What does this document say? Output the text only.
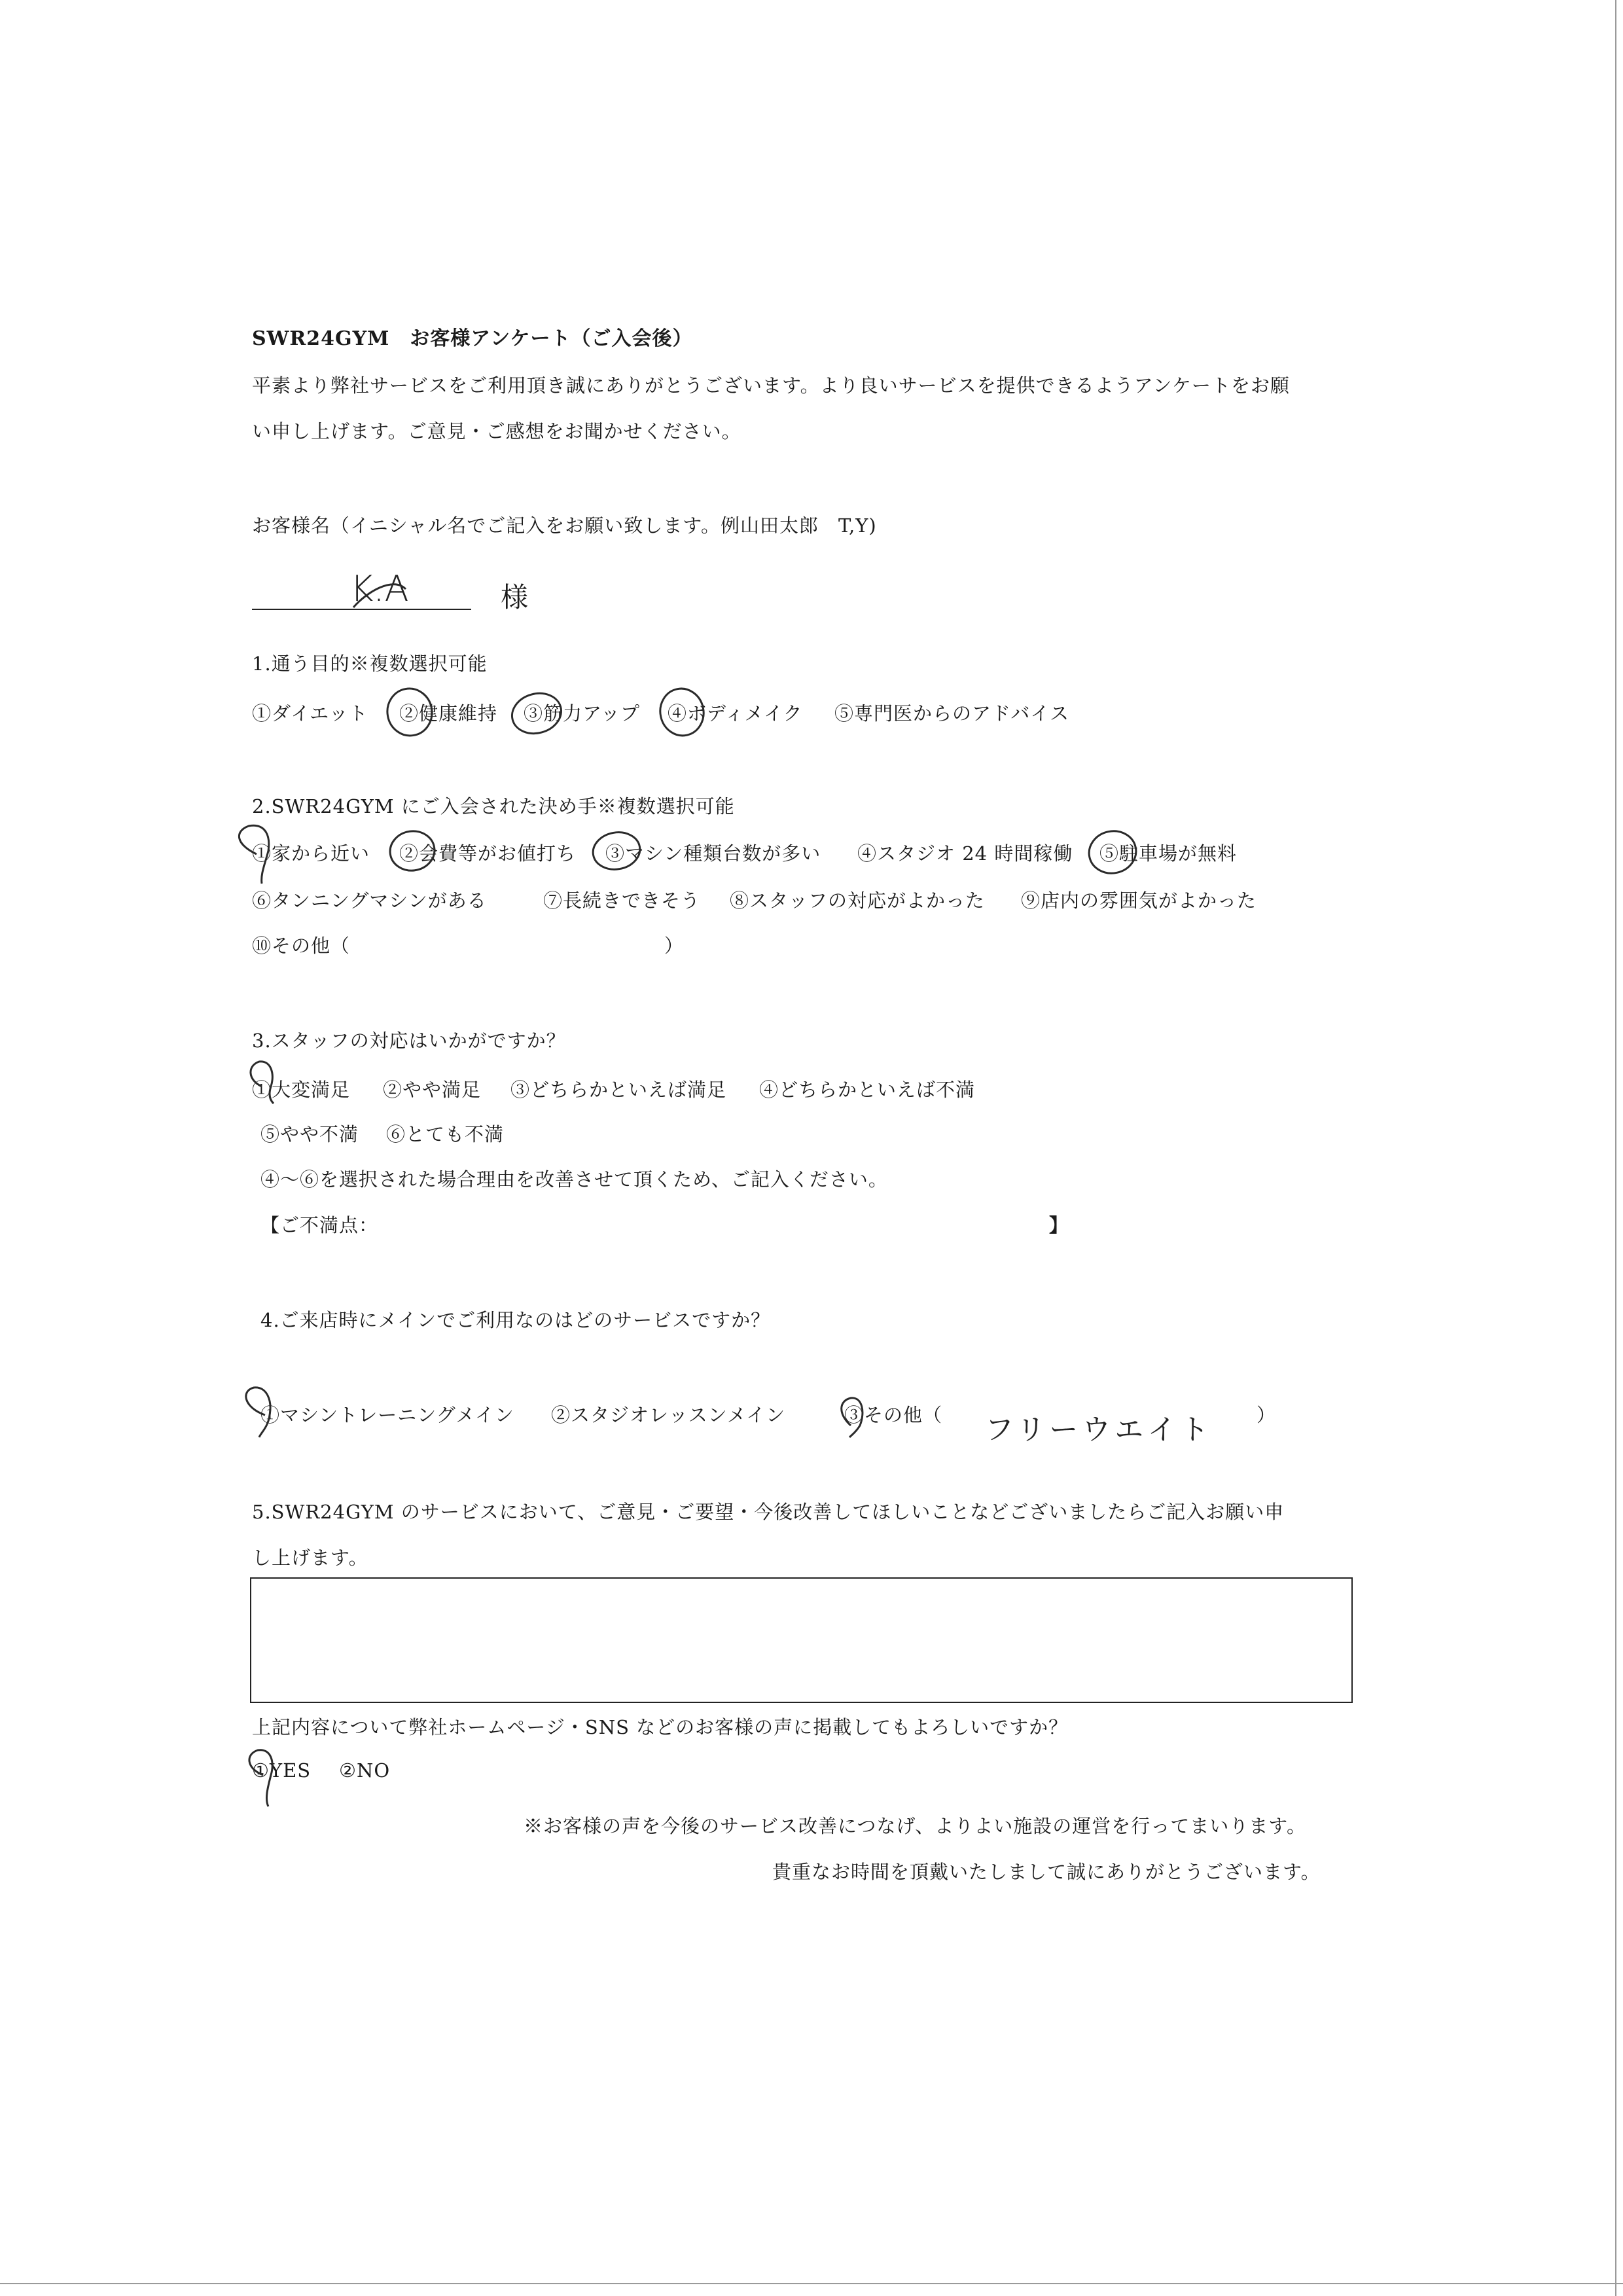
SWR24GYM　お客様アンケート（ご入会後）
平素より弊社サービスをご利用頂き誠にありがとうございます。より良いサービスを提供できるようアンケートをお願
い申し上げます。ご意見・ご感想をお聞かせください。
お客様名（イニシャル名でご記入をお願い致します。例山田太郎　T,Y)
K.A	様
1.通う目的※複数選択可能
①ダイエット ②健康維持 ③筋力アップ ④ボディメイク ⑤専門医からのアドバイス
2.SWR24GYM にご入会された決め手※複数選択可能
①家から近い ②会費等がお値打ち ③マシン種類台数が多い ④スタジオ 24 時間稼働 ⑤駐車場が無料
⑥タンニングマシンがある	⑦長続きできそう ⑧スタッフの対応がよかった ⑨店内の雰囲気がよかった
⑩その他（	）
3.スタッフの対応はいかがですか？
①大変満足 ②やや満足 ③どちらかといえば満足 ④どちらかといえば不満
⑤やや不満 ⑥とても不満
④～⑥を選択された場合理由を改善させて頂くため、ご記入ください。
【ご不満点：	】
4.ご来店時にメインでご利用なのはどのサービスですか？
①マシントレーニングメイン ②スタジオレッスンメイン	③その他（ フリーウエイト ）
5.SWR24GYM のサービスにおいて、ご意見・ご要望・今後改善してほしいことなどございましたらご記入お願い申
し上げます。
上記内容について弊社ホームページ・SNS などのお客様の声に掲載してもよろしいですか？
①YES ②NO
※お客様の声を今後のサービス改善につなげ、よりよい施設の運営を行ってまいります。
貴重なお時間を頂戴いたしまして誠にありがとうございます。
